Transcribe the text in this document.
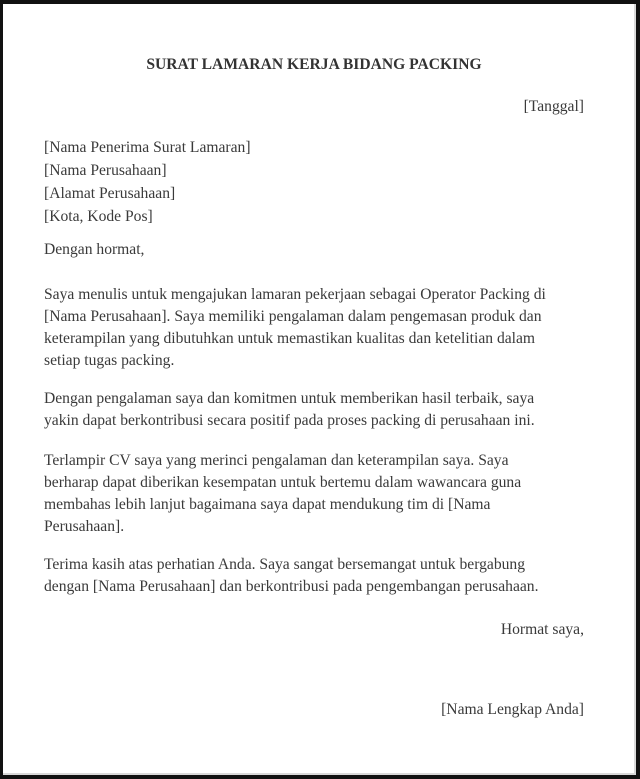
SURAT LAMARAN KERJA BIDANG PACKING
[Tanggal]
[Nama Penerima Surat Lamaran]
[Nama Perusahaan]
[Alamat Perusahaan]
[Kota, Kode Pos]
Dengan hormat,

Saya menulis untuk mengajukan lamaran pekerjaan sebagai Operator Packing di
[Nama Perusahaan]. Saya memiliki pengalaman dalam pengemasan produk dan
keterampilan yang dibutuhkan untuk memastikan kualitas dan ketelitian dalam
setiap tugas packing.

Dengan pengalaman saya dan komitmen untuk memberikan hasil terbaik, saya
yakin dapat berkontribusi secara positif pada proses packing di perusahaan ini.

Terlampir CV saya yang merinci pengalaman dan keterampilan saya. Saya
berharap dapat diberikan kesempatan untuk bertemu dalam wawancara guna
membahas lebih lanjut bagaimana saya dapat mendukung tim di [Nama
Perusahaan].

Terima kasih atas perhatian Anda. Saya sangat bersemangat untuk bergabung
dengan [Nama Perusahaan] dan berkontribusi pada pengembangan perusahaan.

Hormat saya,
[Nama Lengkap Anda]
